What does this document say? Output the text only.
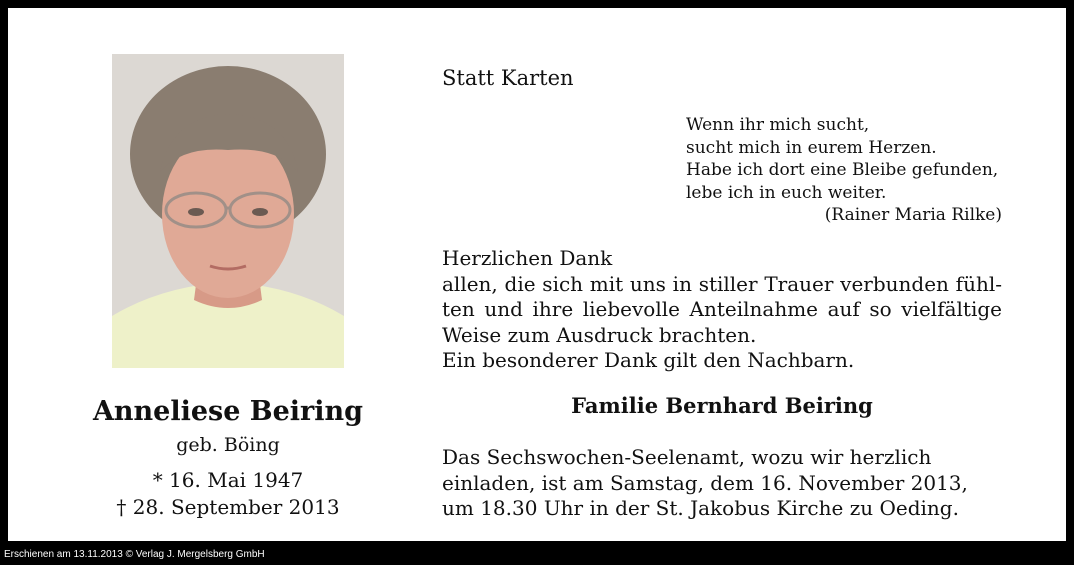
Anneliese Beiring
geb. Böing
* 16. Mai 1947
† 28. September 2013
Statt Karten
Wenn ihr mich sucht,
sucht mich in eurem Herzen.
Habe ich dort eine Bleibe gefunden,
lebe ich in euch weiter.
(Rainer Maria Rilke)
Herzlichen Dank
allen, die sich mit uns in stiller Trauer verbunden fühl-ten und ihre liebevolle Anteilnahme auf so vielfältige Weise zum Ausdruck brachten.
Ein besonderer Dank gilt den Nachbarn.
Familie Bernhard Beiring
Das Sechswochen-Seelenamt, wozu wir herzlich
einladen, ist am Samstag, dem 16. November 2013,
um 18.30 Uhr in der St. Jakobus Kirche zu Oeding.
Erschienen am 13.11.2013 © Verlag J. Mergelsberg GmbH
